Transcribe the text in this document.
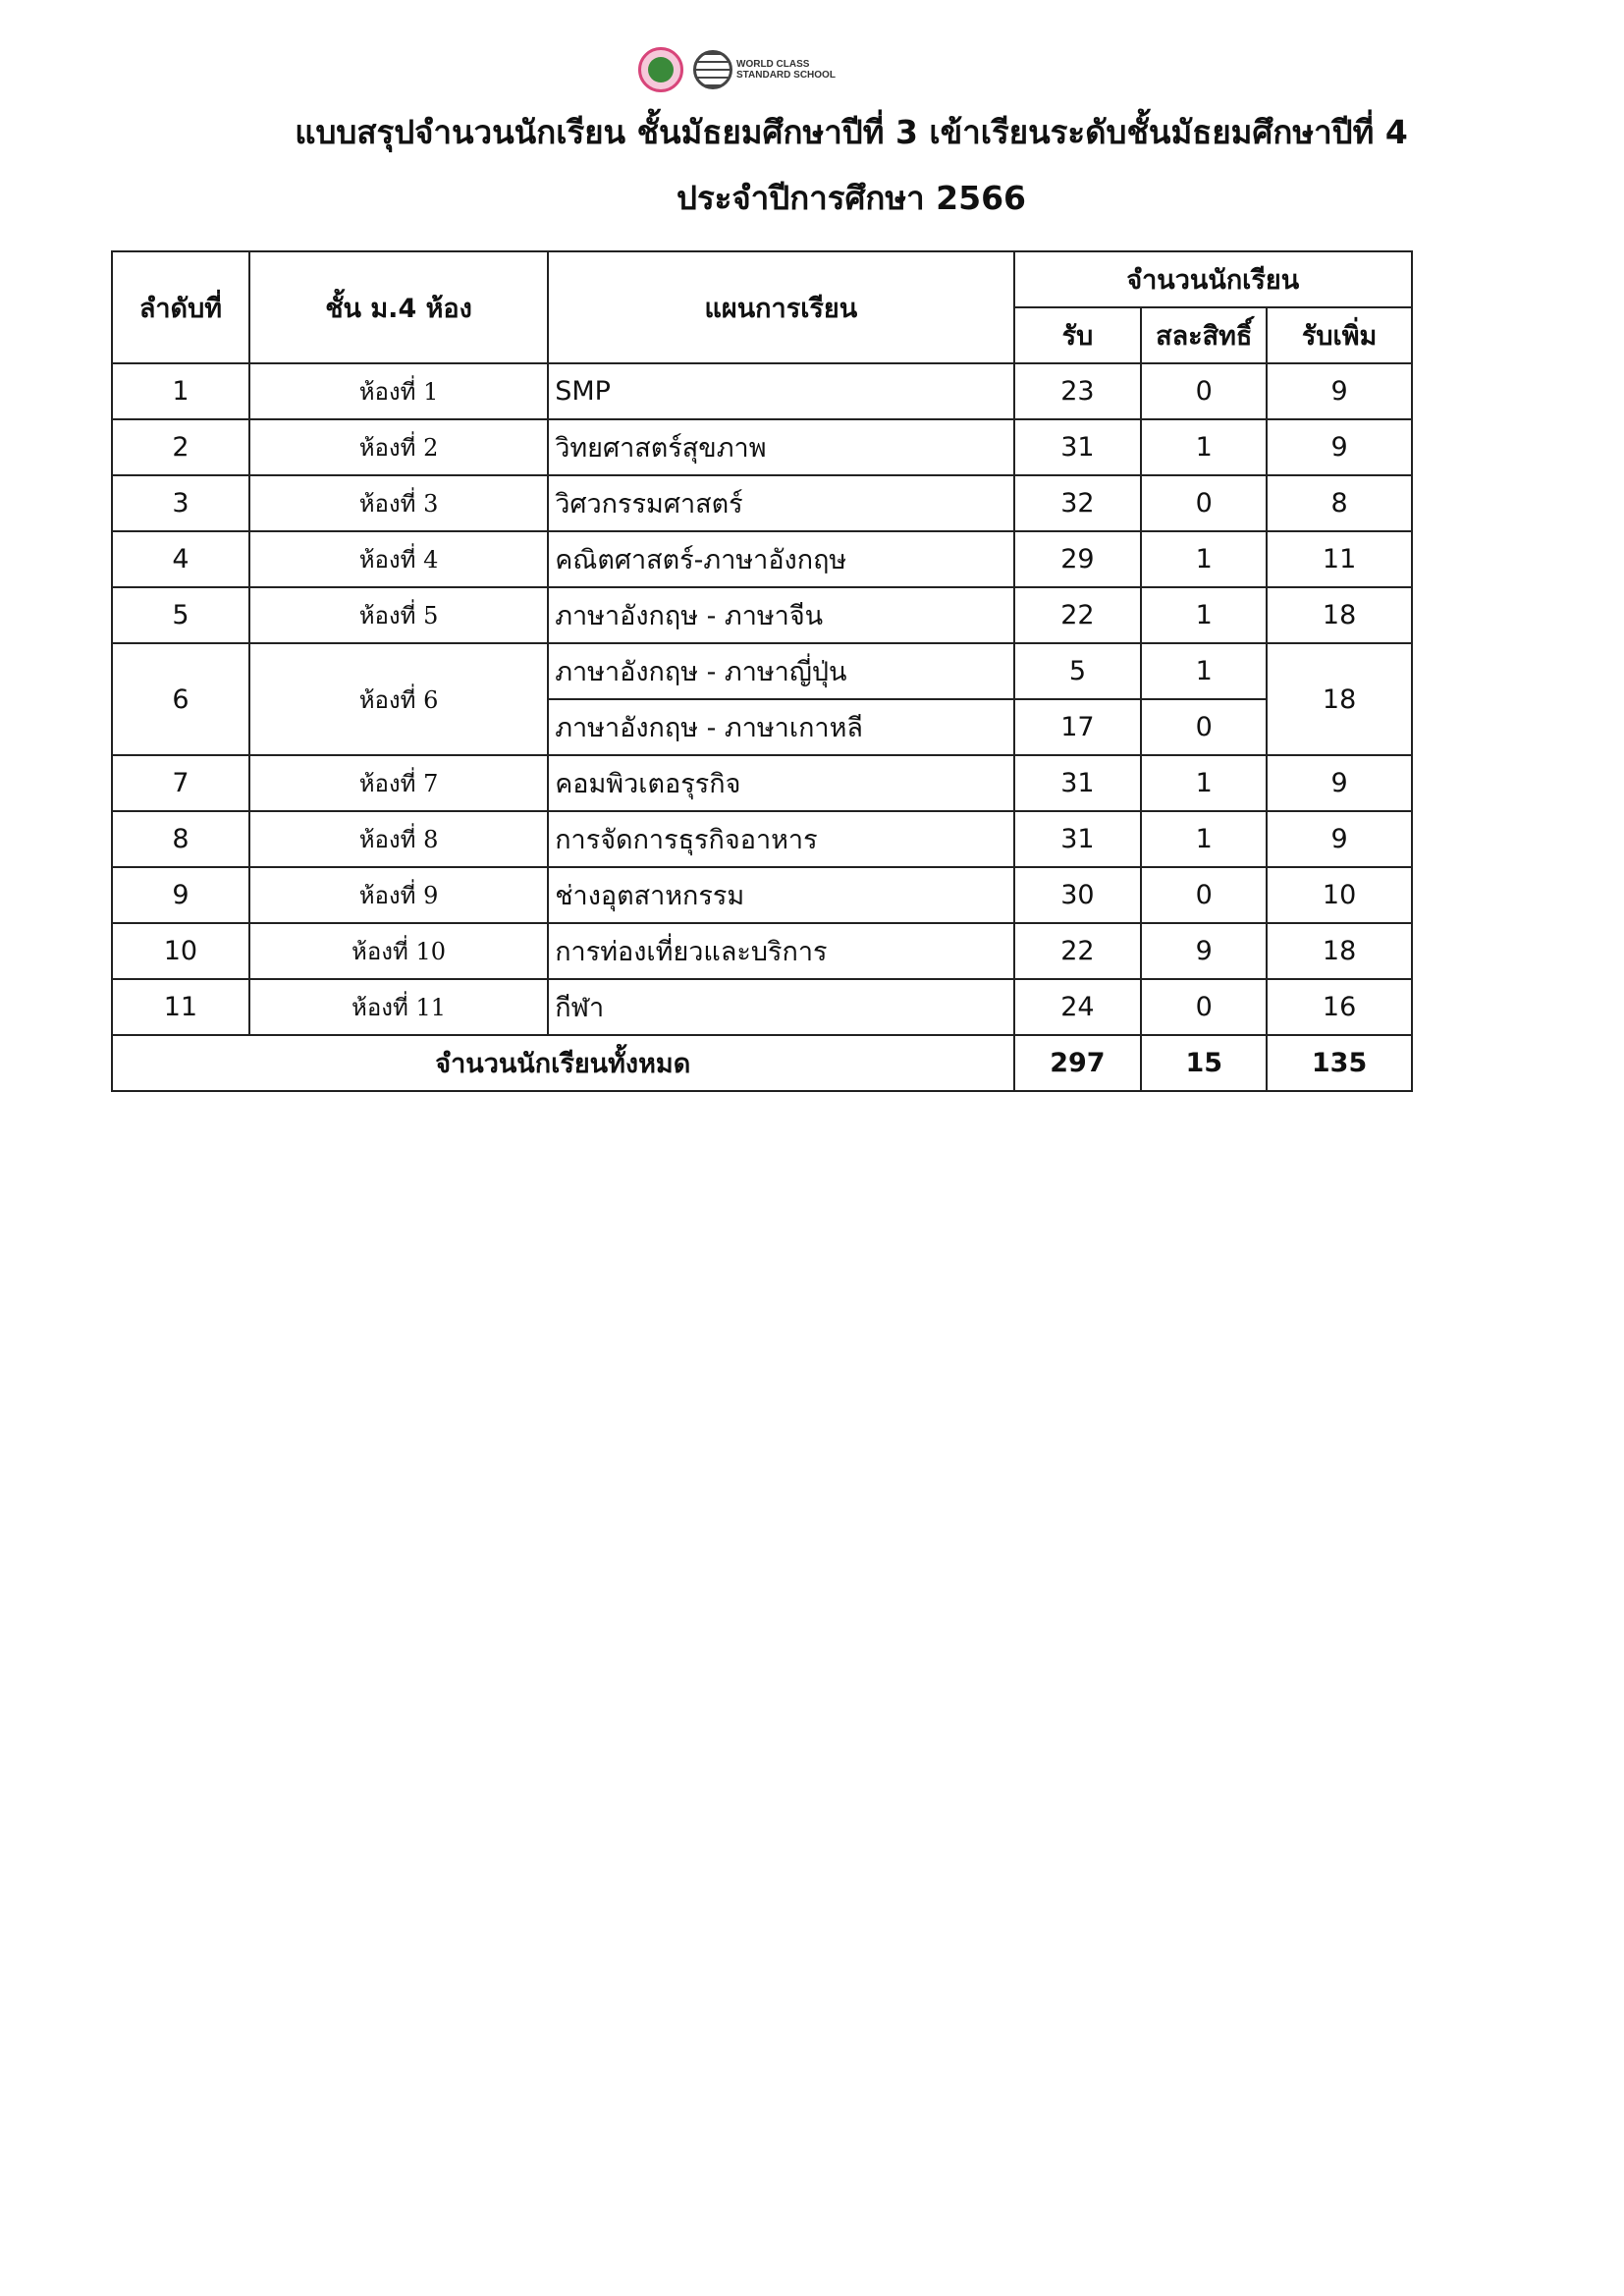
WORLD CLASS
STANDARD SCHOOL
แบบสรุปจำนวนนักเรียน ชั้นมัธยมศึกษาปีที่ 3 เข้าเรียนระดับชั้นมัธยมศึกษาปีที่ 4
ประจำปีการศึกษา 2566
ลำดับที่	ชั้น ม.4 ห้อง	แผนการเรียน	จำนวนนักเรียน		
			รับ	สละสิทธิ์	รับเพิ่ม
1	ห้องที่ 1	SMP	23	0	9
2	ห้องที่ 2	วิทยศาสตร์สุขภาพ	31	1	9
3	ห้องที่ 3	วิศวกรรมศาสตร์	32	0	8
4	ห้องที่ 4	คณิตศาสตร์-ภาษาอังกฤษ	29	1	11
5	ห้องที่ 5	ภาษาอังกฤษ - ภาษาจีน	22	1	18
6	ห้องที่ 6	ภาษาอังกฤษ - ภาษาญี่ปุ่น	5	1	18
		ภาษาอังกฤษ - ภาษาเกาหลี	17	0	
7	ห้องที่ 7	คอมพิวเตอรุรกิจ	31	1	9
8	ห้องที่ 8	การจัดการธุรกิจอาหาร	31	1	9
9	ห้องที่ 9	ช่างอุตสาหกรรม	30	0	10
10	ห้องที่ 10	การท่องเที่ยวและบริการ	22	9	18
11	ห้องที่ 11	กีฬา	24	0	16
จำนวนนักเรียนทั้งหมด			297	15	135
